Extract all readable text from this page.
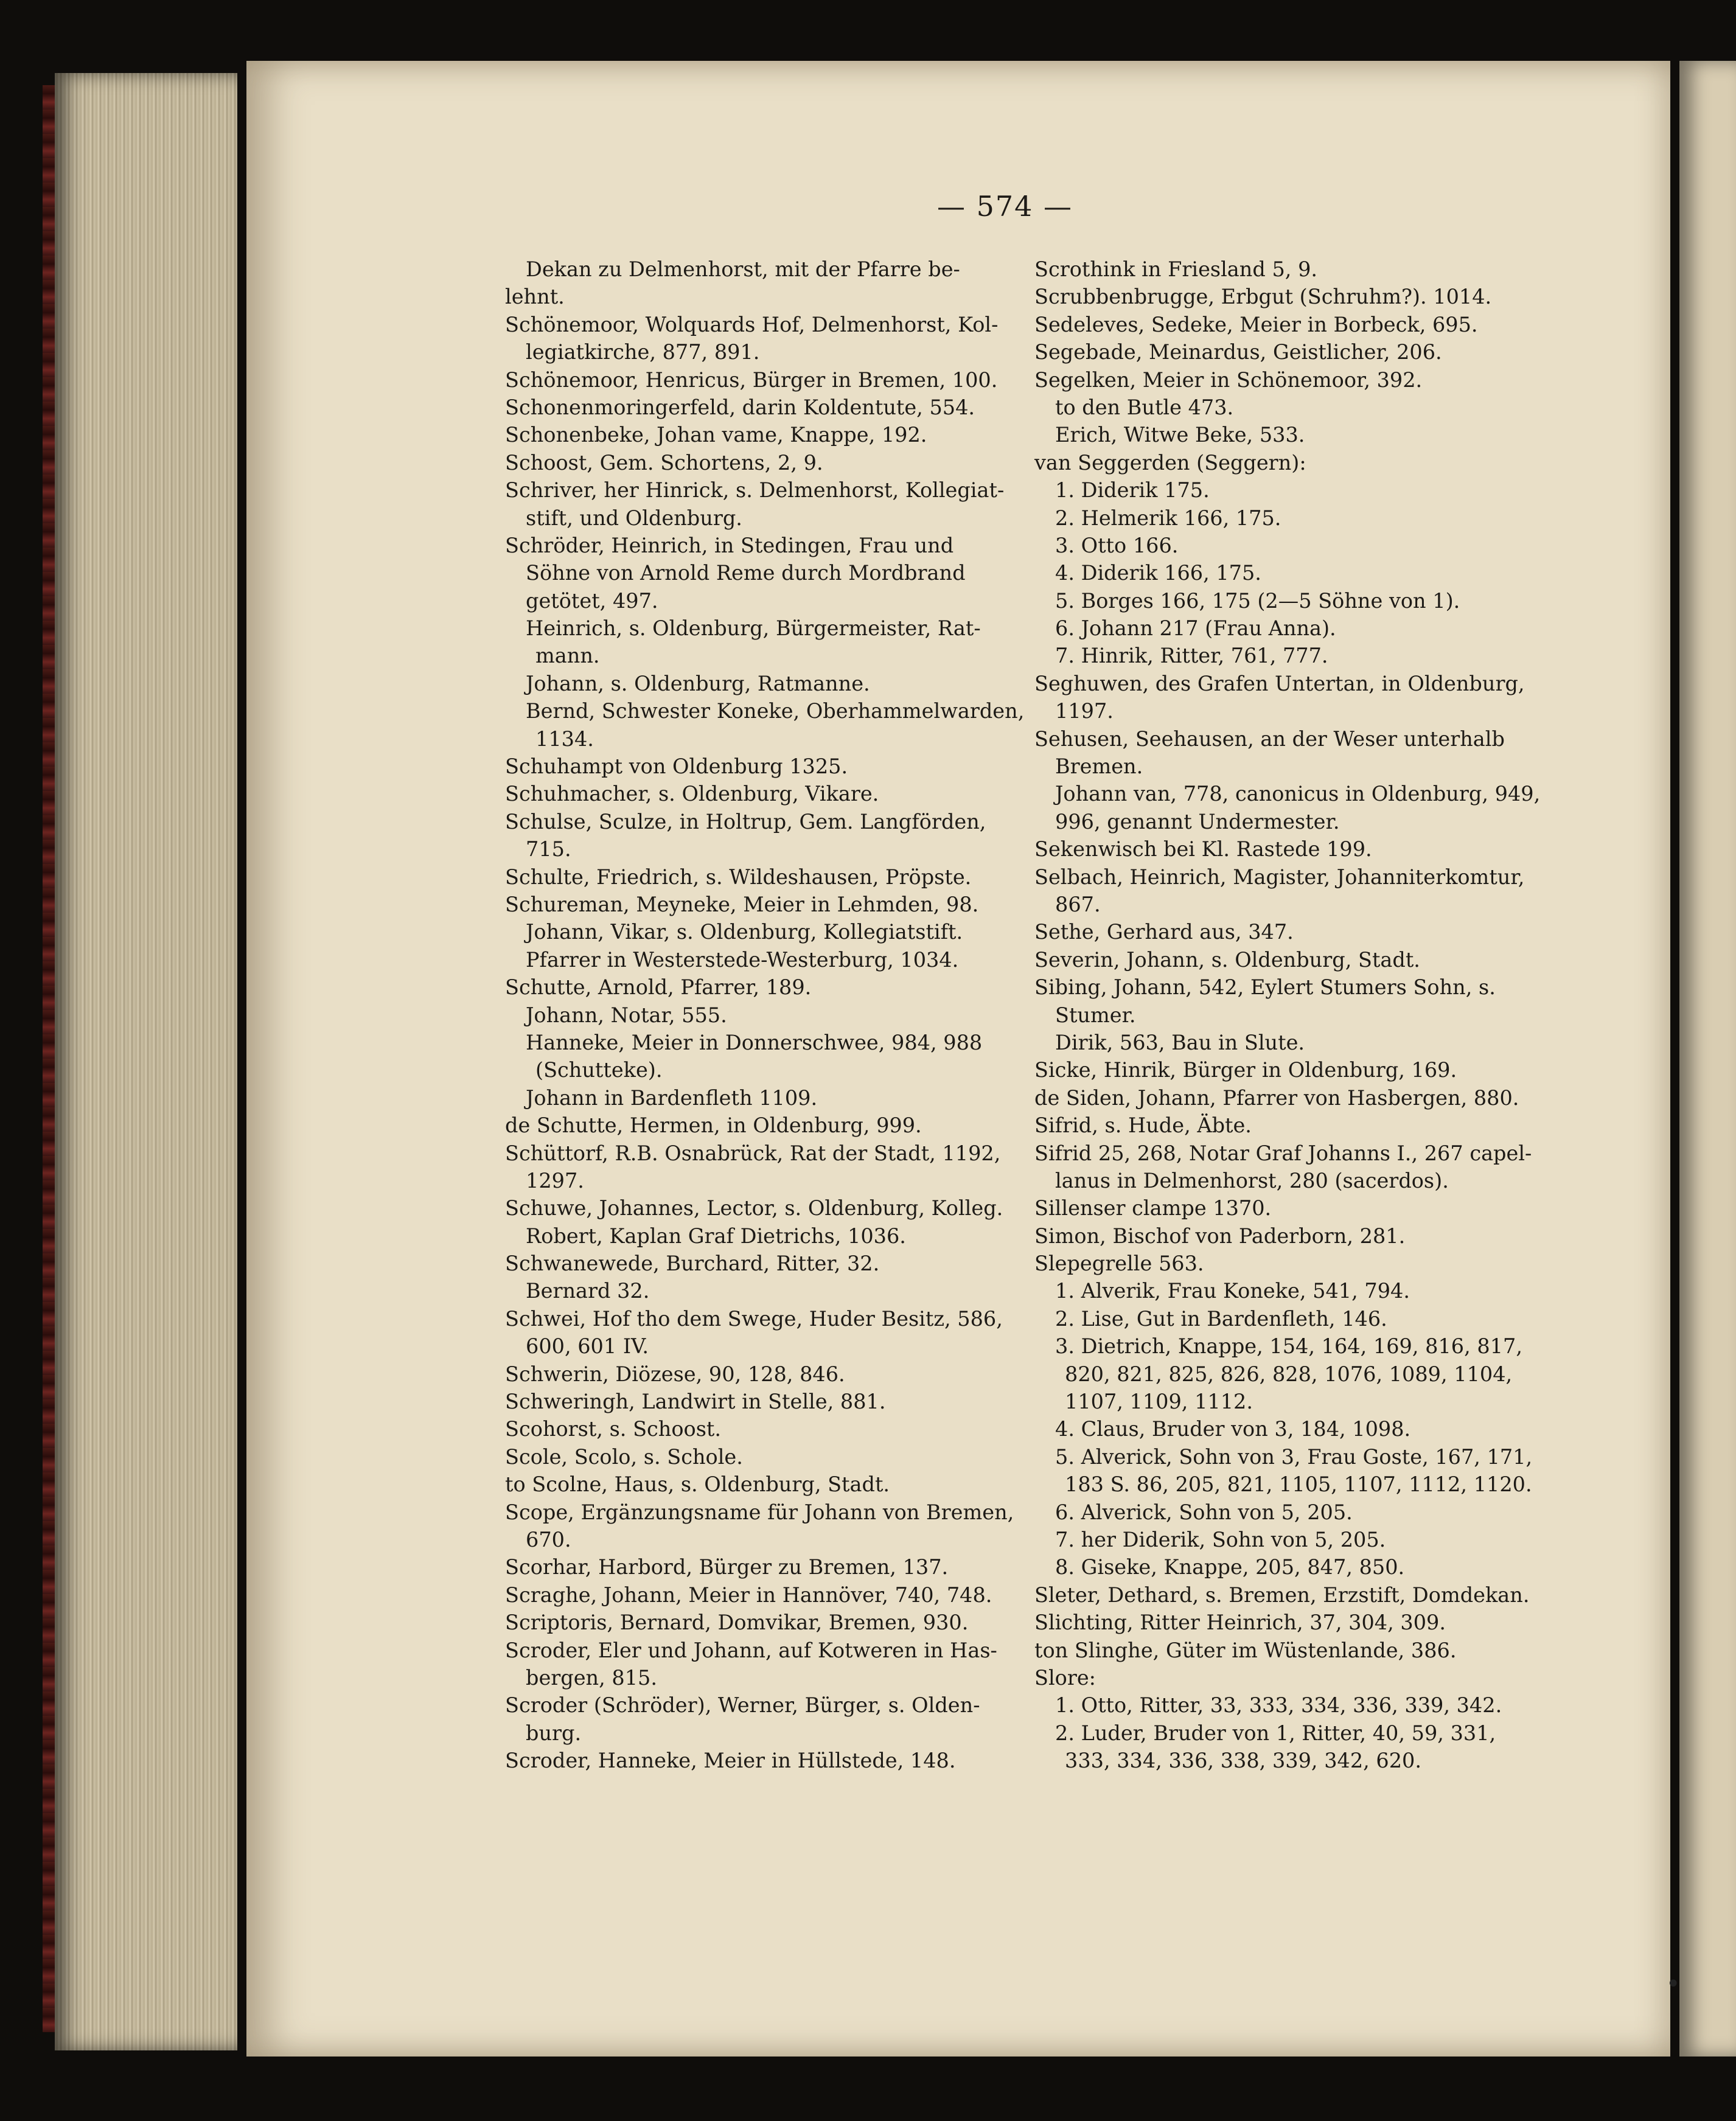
•
— 574 —
Dekan zu Delmenhorst, mit der Pfarre be-
lehnt.
Schönemoor, Wolquards Hof, Delmenhorst, Kol-
legiatkirche, 877, 891.
Schönemoor, Henricus, Bürger in Bremen, 100.
Schonenmoringerfeld, darin Koldentute, 554.
Schonenbeke, Johan vame, Knappe, 192.
Schoost, Gem. Schortens, 2, 9.
Schriver, her Hinrick, s. Delmenhorst, Kollegiat-
stift, und Oldenburg.
Schröder, Heinrich, in Stedingen, Frau und
Söhne von Arnold Reme durch Mordbrand
getötet, 497.
Heinrich, s. Oldenburg, Bürgermeister, Rat-
mann.
Johann, s. Oldenburg, Ratmanne.
Bernd, Schwester Koneke, Oberhammelwarden,
1134.
Schuhampt von Oldenburg 1325.
Schuhmacher, s. Oldenburg, Vikare.
Schulse, Sculze, in Holtrup, Gem. Langförden,
715.
Schulte, Friedrich, s. Wildeshausen, Pröpste.
Schureman, Meyneke, Meier in Lehmden, 98.
Johann, Vikar, s. Oldenburg, Kollegiatstift.
Pfarrer in Westerstede-Westerburg, 1034.
Schutte, Arnold, Pfarrer, 189.
Johann, Notar, 555.
Hanneke, Meier in Donnerschwee, 984, 988
(Schutteke).
Johann in Bardenfleth 1109.
de Schutte, Hermen, in Oldenburg, 999.
Schüttorf, R.B. Osnabrück, Rat der Stadt, 1192,
1297.
Schuwe, Johannes, Lector, s. Oldenburg, Kolleg.
Robert, Kaplan Graf Dietrichs, 1036.
Schwanewede, Burchard, Ritter, 32.
Bernard 32.
Schwei, Hof tho dem Swege, Huder Besitz, 586,
600, 601 IV.
Schwerin, Diözese, 90, 128, 846.
Schweringh, Landwirt in Stelle, 881.
Scohorst, s. Schoost.
Scole, Scolo, s. Schole.
to Scolne, Haus, s. Oldenburg, Stadt.
Scope, Ergänzungsname für Johann von Bremen,
670.
Scorhar, Harbord, Bürger zu Bremen, 137.
Scraghe, Johann, Meier in Hannöver, 740, 748.
Scriptoris, Bernard, Domvikar, Bremen, 930.
Scroder, Eler und Johann, auf Kotweren in Has-
bergen, 815.
Scroder (Schröder), Werner, Bürger, s. Olden-
burg.
Scroder, Hanneke, Meier in Hüllstede, 148.
Scrothink in Friesland 5, 9.
Scrubbenbrugge, Erbgut (Schruhm?). 1014.
Sedeleves, Sedeke, Meier in Borbeck, 695.
Segebade, Meinardus, Geistlicher, 206.
Segelken, Meier in Schönemoor, 392.
to den Butle 473.
Erich, Witwe Beke, 533.
van Seggerden (Seggern):
1. Diderik 175.
2. Helmerik 166, 175.
3. Otto 166.
4. Diderik 166, 175.
5. Borges 166, 175 (2—5 Söhne von 1).
6. Johann 217 (Frau Anna).
7. Hinrik, Ritter, 761, 777.
Seghuwen, des Grafen Untertan, in Oldenburg,
1197.
Sehusen, Seehausen, an der Weser unterhalb
Bremen.
Johann van, 778, canonicus in Oldenburg, 949,
996, genannt Undermester.
Sekenwisch bei Kl. Rastede 199.
Selbach, Heinrich, Magister, Johanniterkomtur,
867.
Sethe, Gerhard aus, 347.
Severin, Johann, s. Oldenburg, Stadt.
Sibing, Johann, 542, Eylert Stumers Sohn, s.
Stumer.
Dirik, 563, Bau in Slute.
Sicke, Hinrik, Bürger in Oldenburg, 169.
de Siden, Johann, Pfarrer von Hasbergen, 880.
Sifrid, s. Hude, Äbte.
Sifrid 25, 268, Notar Graf Johanns I., 267 capel-
lanus in Delmenhorst, 280 (sacerdos).
Sillenser clampe 1370.
Simon, Bischof von Paderborn, 281.
Slepegrelle 563.
1. Alverik, Frau Koneke, 541, 794.
2. Lise, Gut in Bardenfleth, 146.
3. Dietrich, Knappe, 154, 164, 169, 816, 817,
820, 821, 825, 826, 828, 1076, 1089, 1104,
1107, 1109, 1112.
4. Claus, Bruder von 3, 184, 1098.
5. Alverick, Sohn von 3, Frau Goste, 167, 171,
183 S. 86, 205, 821, 1105, 1107, 1112, 1120.
6. Alverick, Sohn von 5, 205.
7. her Diderik, Sohn von 5, 205.
8. Giseke, Knappe, 205, 847, 850.
Sleter, Dethard, s. Bremen, Erzstift, Domdekan.
Slichting, Ritter Heinrich, 37, 304, 309.
ton Slinghe, Güter im Wüstenlande, 386.
Slore:
1. Otto, Ritter, 33, 333, 334, 336, 339, 342.
2. Luder, Bruder von 1, Ritter, 40, 59, 331,
333, 334, 336, 338, 339, 342, 620.
